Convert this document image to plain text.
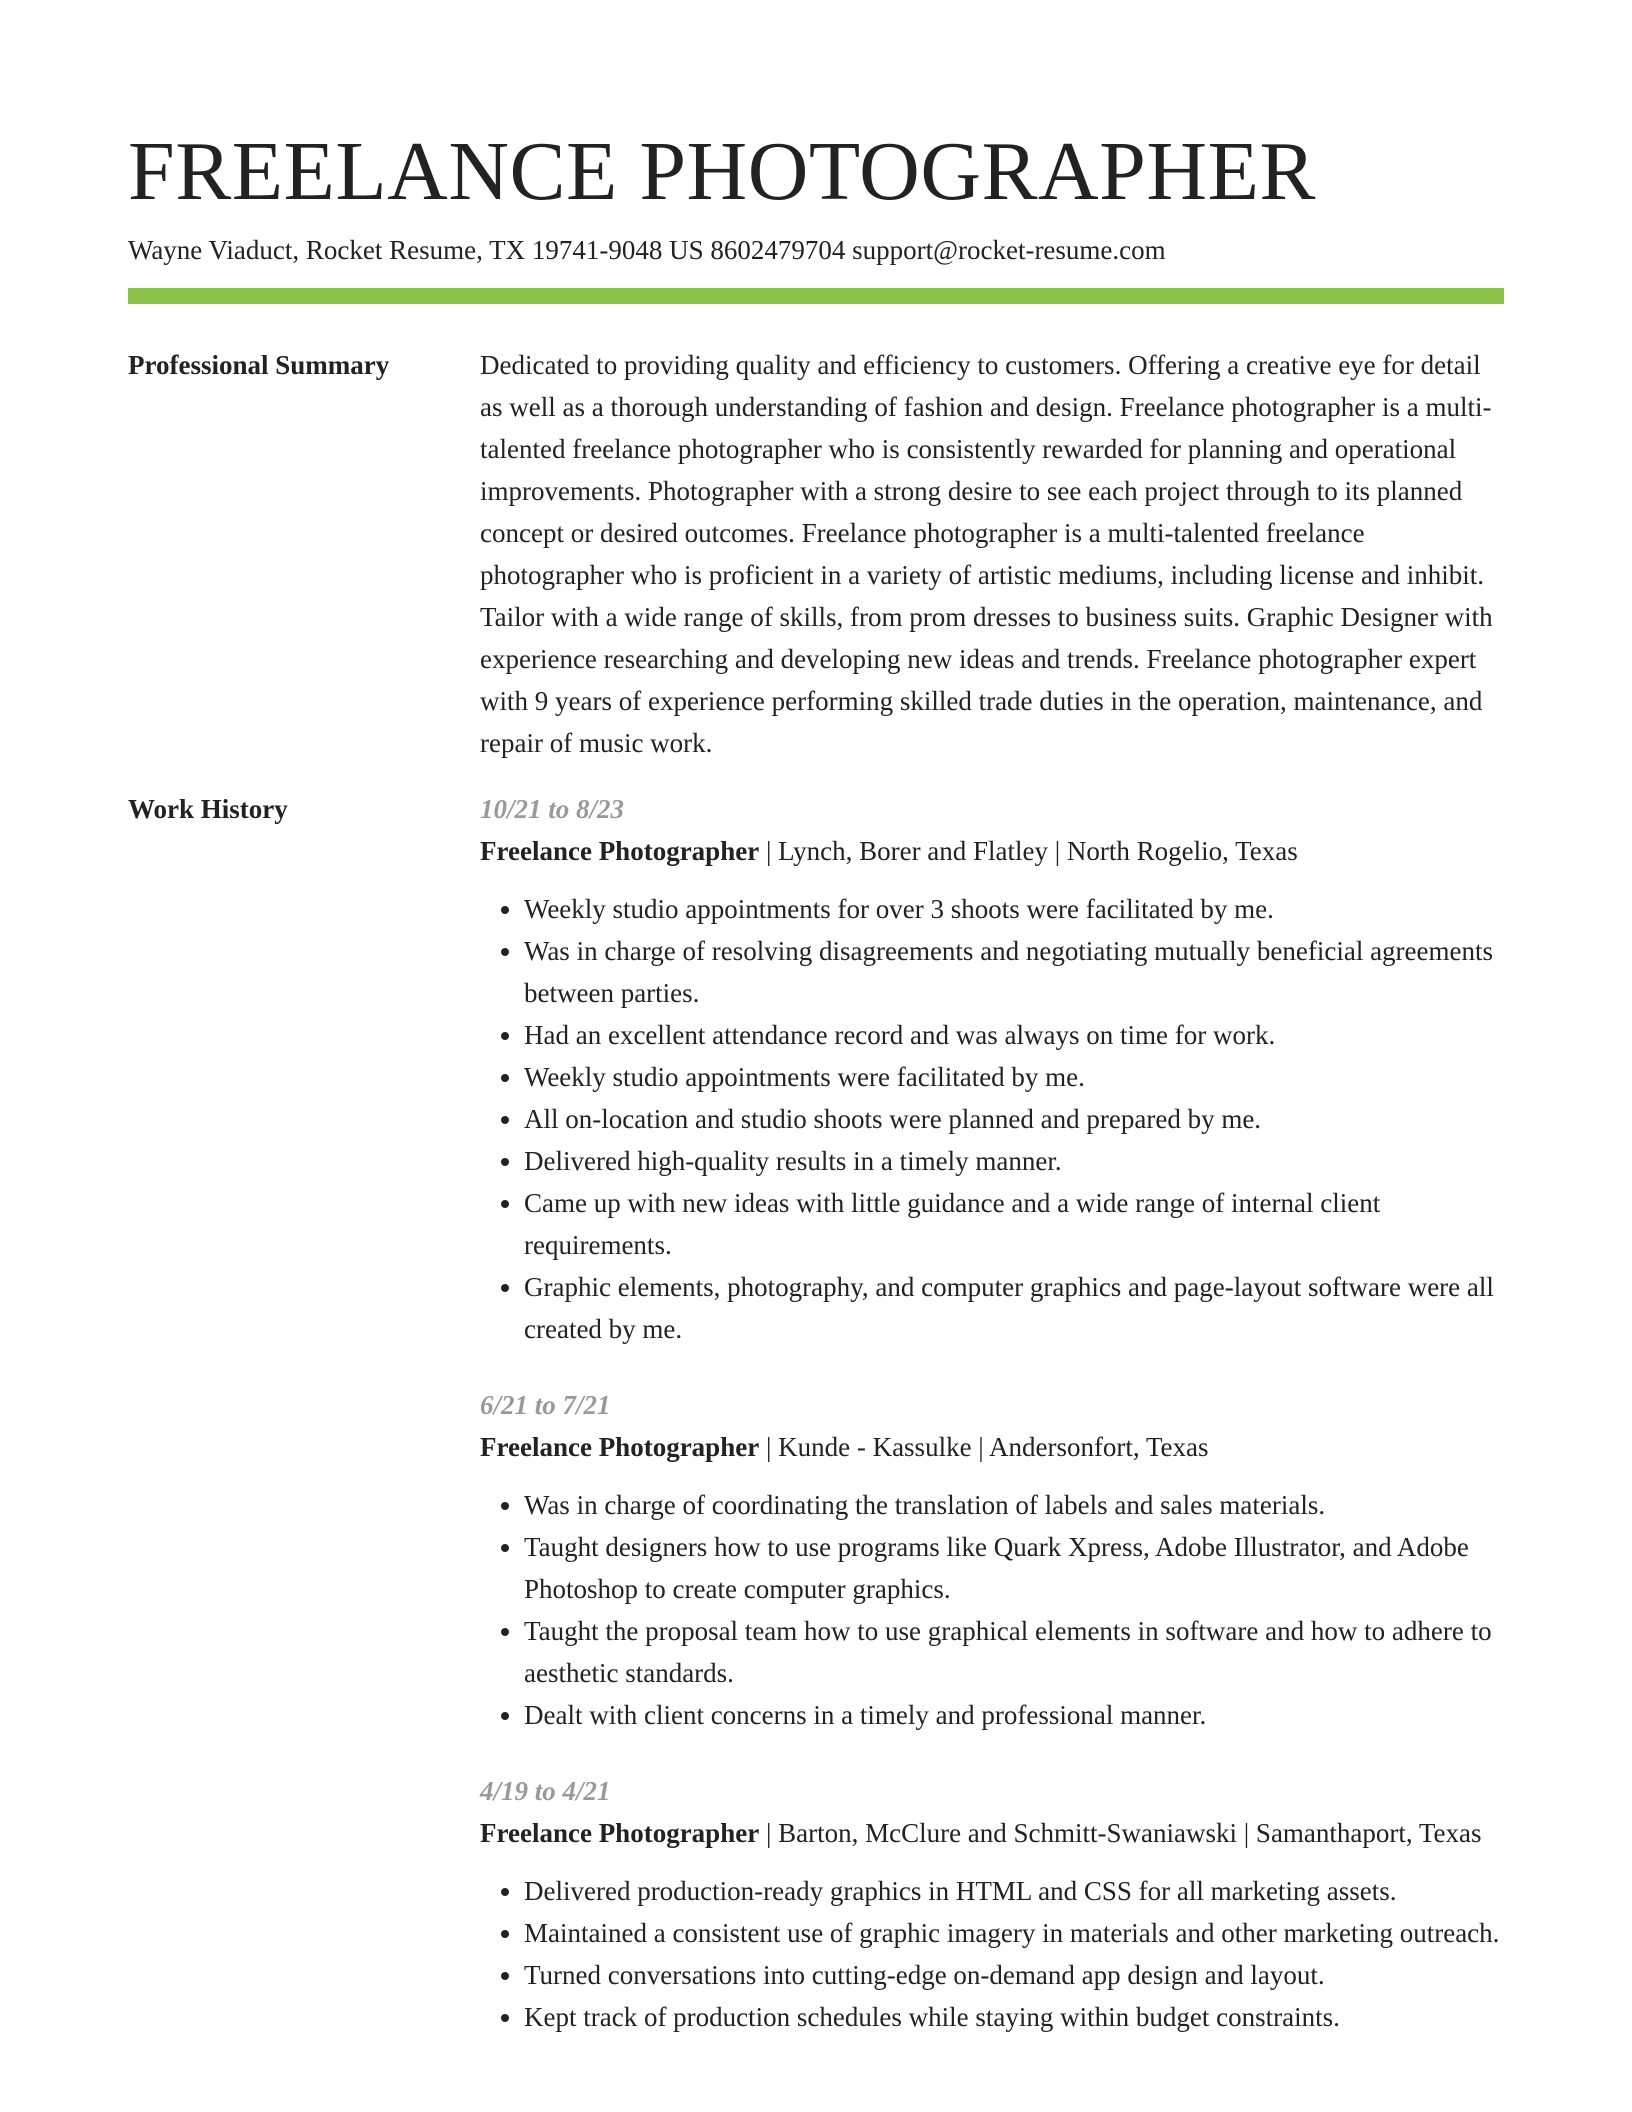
FREELANCE PHOTOGRAPHER
Wayne Viaduct, Rocket Resume, TX 19741-9048 US 8602479704 support@rocket-resume.com
Professional Summary	Dedicated to providing quality and efficiency to customers. Offering a creative eye for detail as well as a thorough understanding of fashion and design. Freelance photographer is a multi-talented freelance photographer who is consistently rewarded for planning and operational improvements. Photographer with a strong desire to see each project through to its planned concept or desired outcomes. Freelance photographer is a multi-talented freelance photographer who is proficient in a variety of artistic mediums, including license and inhibit. Tailor with a wide range of skills, from prom dresses to business suits. Graphic Designer with experience researching and developing new ideas and trends. Freelance photographer expert with 9 years of experience performing skilled trade duties in the operation, maintenance, and repair of music work.

Work History	10/21 to 8/23
Freelance Photographer | Lynch, Borer and Flatley | North Rogelio, Texas
• Weekly studio appointments for over 3 shoots were facilitated by me.
• Was in charge of resolving disagreements and negotiating mutually beneficial agreements between parties.
• Had an excellent attendance record and was always on time for work.
• Weekly studio appointments were facilitated by me.
• All on-location and studio shoots were planned and prepared by me.
• Delivered high-quality results in a timely manner.
• Came up with new ideas with little guidance and a wide range of internal client requirements.
• Graphic elements, photography, and computer graphics and page-layout software were all created by me.
6/21 to 7/21
Freelance Photographer | Kunde - Kassulke | Andersonfort, Texas
• Was in charge of coordinating the translation of labels and sales materials.
• Taught designers how to use programs like Quark Xpress, Adobe Illustrator, and Adobe Photoshop to create computer graphics.
• Taught the proposal team how to use graphical elements in software and how to adhere to aesthetic standards.
• Dealt with client concerns in a timely and professional manner.
4/19 to 4/21
Freelance Photographer | Barton, McClure and Schmitt-Swaniawski | Samanthaport, Texas
• Delivered production-ready graphics in HTML and CSS for all marketing assets.
• Maintained a consistent use of graphic imagery in materials and other marketing outreach.
• Turned conversations into cutting-edge on-demand app design and layout.
• Kept track of production schedules while staying within budget constraints.
